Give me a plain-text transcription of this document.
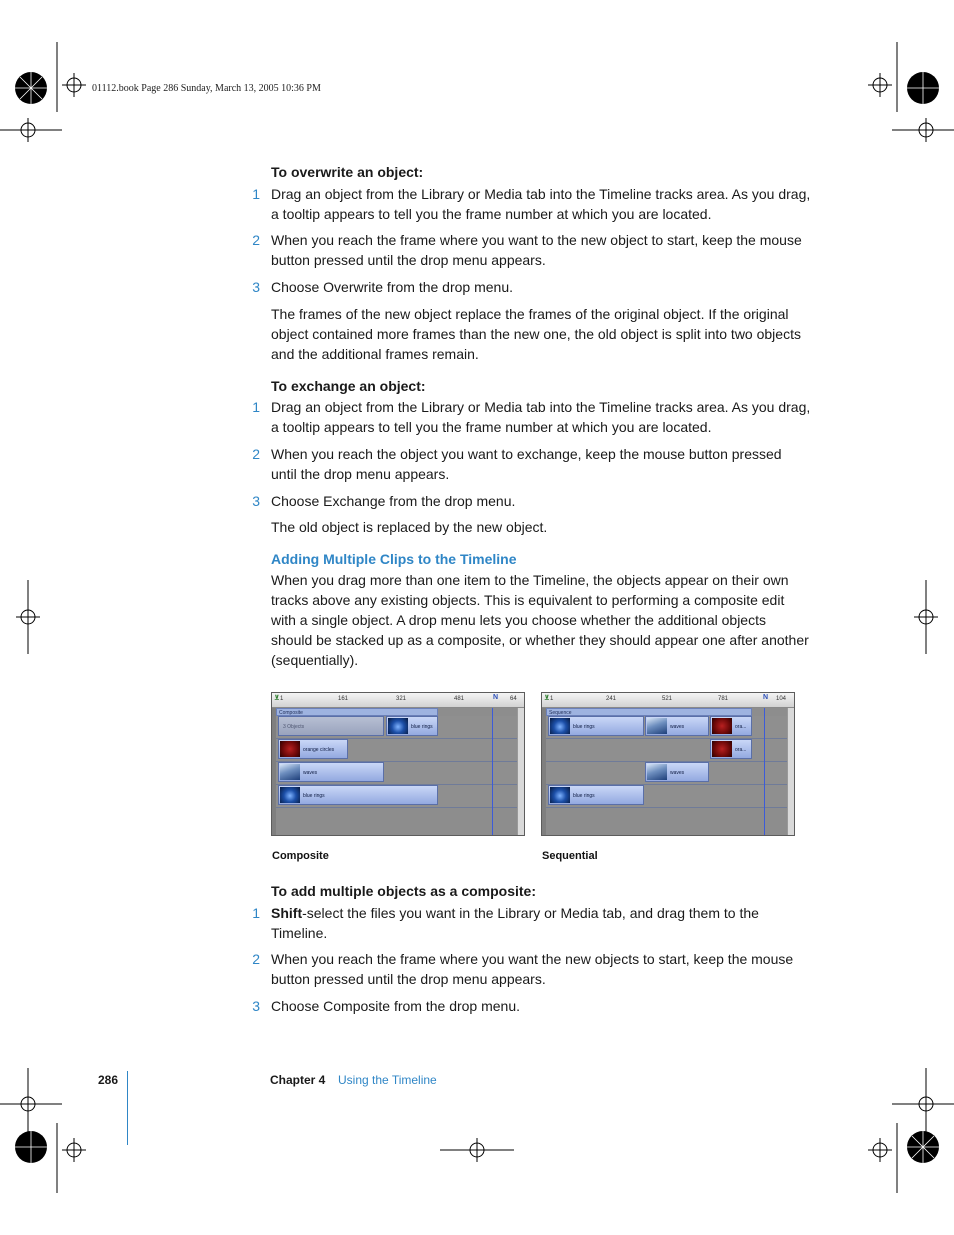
01112.book Page 286 Sunday, March 13, 2005 10:36 PM
To overwrite an object:
1 Drag an object from the Library or Media tab into the Timeline tracks area. As you drag,
a tooltip appears to tell you the frame number at which you are located.
2 When you reach the frame where you want to the new object to start, keep the mouse
button pressed until the drop menu appears.
3 Choose Overwrite from the drop menu.
The frames of the new object replace the frames of the original object. If the original
object contained more frames than the new one, the old object is split into two objects
and the additional frames remain.
To exchange an object:
1 Drag an object from the Library or Media tab into the Timeline tracks area. As you drag,
a tooltip appears to tell you the frame number at which you are located.
2 When you reach the object you want to exchange, keep the mouse button pressed
until the drop menu appears.
3 Choose Exchange from the drop menu.
The old object is replaced by the new object.
Adding Multiple Clips to the Timeline
When you drag more than one item to the Timeline, the objects appear on their own
tracks above any existing objects. This is equivalent to performing a composite edit
with a single object. A drop menu lets you choose whether the additional objects
should be stacked up as a composite, or whether they should appear one after another
(sequentially).
1	161	321	481	64
⊻	N
Composite
3 Objects	blue rings
orange circles
waves
blue rings
Composite
1	241	521	781	104
⊻	N
Sequence
blue rings	waves	ora...
ora...
waves
blue rings
Sequential
To add multiple objects as a composite:
1 Shift-select the files you want in the Library or Media tab, and drag them to the
Timeline.
2 When you reach the frame where you want the new objects to start, keep the mouse
button pressed until the drop menu appears.
3 Choose Composite from the drop menu.
286	Chapter 4 Using the Timeline
